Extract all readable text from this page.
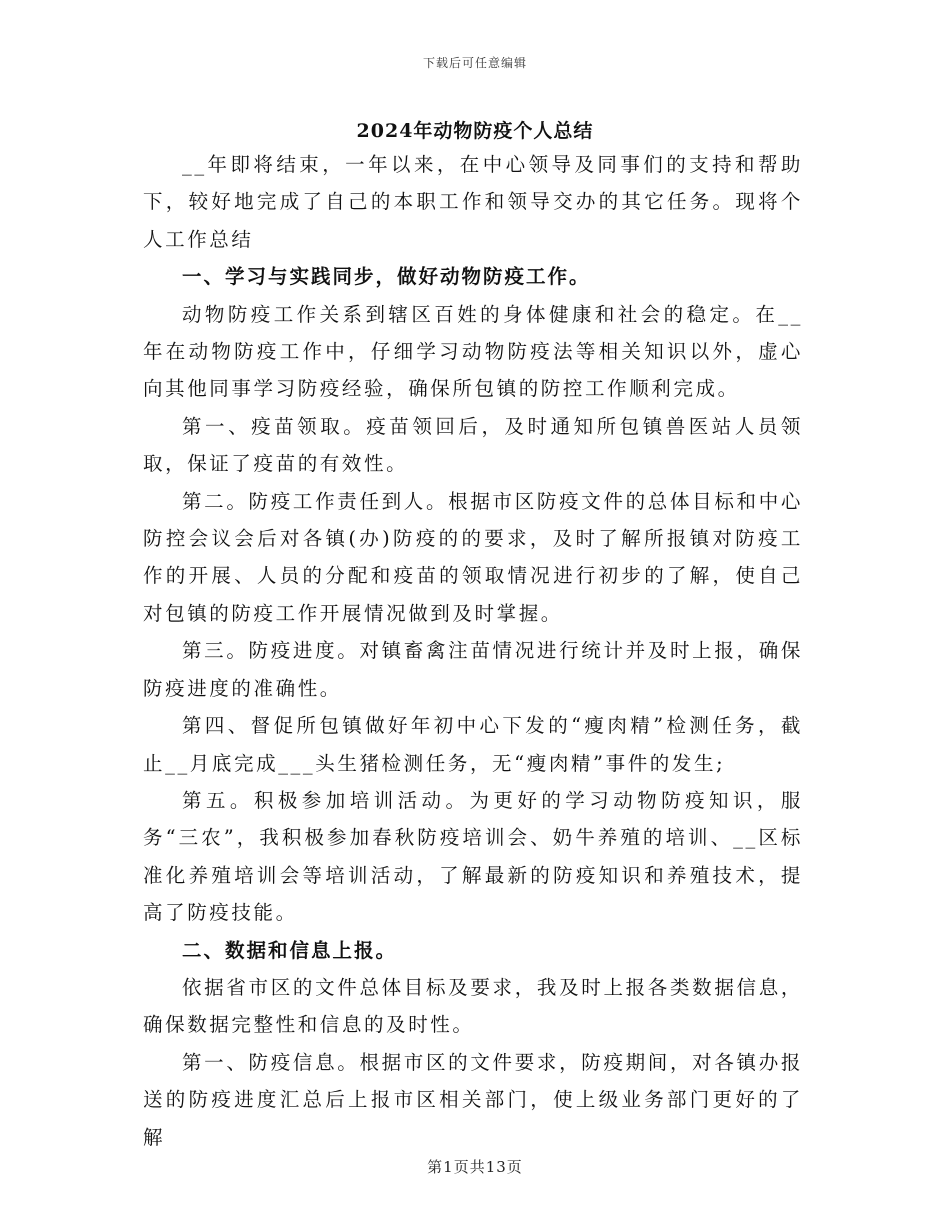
下载后可任意编辑
2024年动物防疫个人总结

__年即将结束，一年以来，在中心领导及同事们的支持和帮助下，较好地完成了自己的本职工作和领导交办的其它任务。现将个人工作总结

一、学习与实践同步，做好动物防疫工作。

动物防疫工作关系到辖区百姓的身体健康和社会的稳定。在__年在动物防疫工作中，仔细学习动物防疫法等相关知识以外，虚心向其他同事学习防疫经验，确保所包镇的防控工作顺利完成。

第一、疫苗领取。疫苗领回后，及时通知所包镇兽医站人员领取，保证了疫苗的有效性。

第二。防疫工作责任到人。根据市区防疫文件的总体目标和中心防控会议会后对各镇(办)防疫的的要求，及时了解所报镇对防疫工作的开展、人员的分配和疫苗的领取情况进行初步的了解，使自己对包镇的防疫工作开展情况做到及时掌握。

第三。防疫进度。对镇畜禽注苗情况进行统计并及时上报，确保防疫进度的准确性。

第四、督促所包镇做好年初中心下发的“瘦肉精”检测任务，截止__月底完成___头生猪检测任务，无“瘦肉精”事件的发生;

第五。积极参加培训活动。为更好的学习动物防疫知识，服务“三农”，我积极参加春秋防疫培训会、奶牛养殖的培训、__区标准化养殖培训会等培训活动，了解最新的防疫知识和养殖技术，提高了防疫技能。

二、数据和信息上报。

依据省市区的文件总体目标及要求，我及时上报各类数据信息，确保数据完整性和信息的及时性。

第一、防疫信息。根据市区的文件要求，防疫期间，对各镇办报送的防疫进度汇总后上报市区相关部门，使上级业务部门更好的了解

第1页共13页
